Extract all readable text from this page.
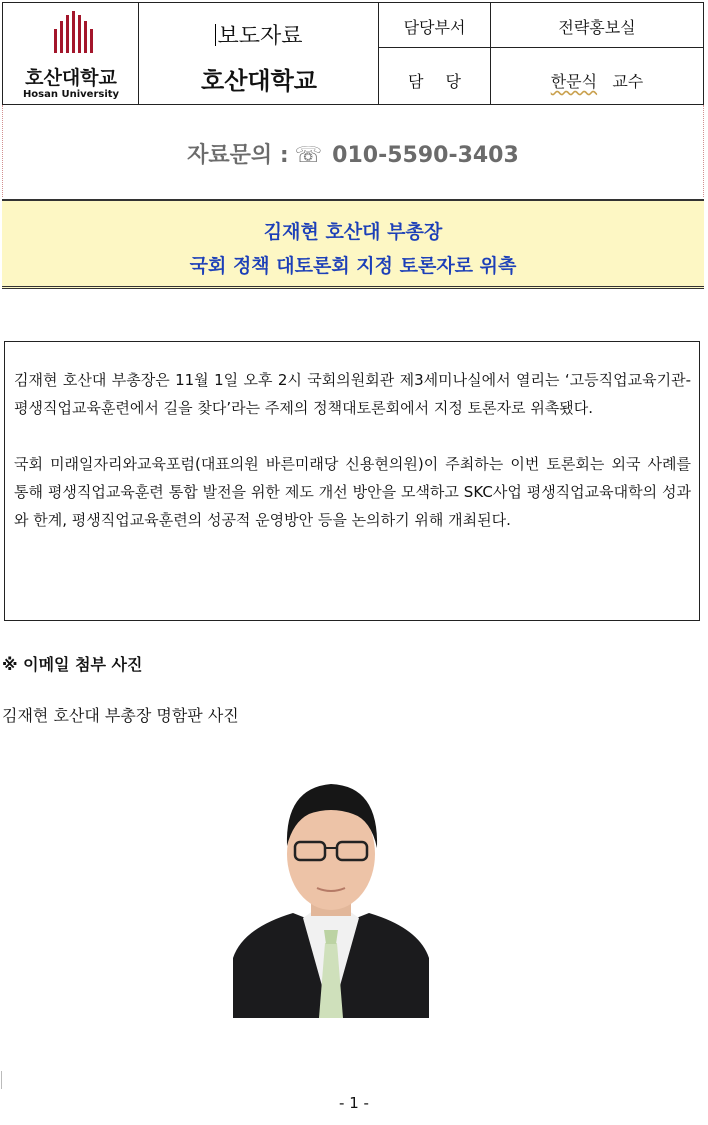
호산대학교
Hosan University
보도자료
호산대학교
담당부서
담당
전략홍보실
한문식   교수
자료문의 : ☏ 010-5590-3403
김재현 호산대 부총장
국회 정책 대토론회 지정 토론자로 위촉

김재현 호산대 부총장은 11월 1일 오후 2시 국회의원회관 제3세미나실에서 열리는 ‘고등직업교육기관-평생직업교육훈련에서 길을 찾다’라는 주제의 정책대토론회에서 지정 토론자로 위촉됐다.

국회 미래일자리와교육포럼(대표의원 바른미래당 신용현의원)이 주최하는 이번 토론회는 외국 사례를 통해 평생직업교육훈련 통합 발전을 위한 제도 개선 방안을 모색하고 SKC사업 평생직업교육대학의 성과와 한계, 평생직업교육훈련의 성공적 운영방안 등을 논의하기 위해 개최된다.

※ 이메일 첨부 사진
김재현 호산대 부총장 명함판 사진
- 1 -
